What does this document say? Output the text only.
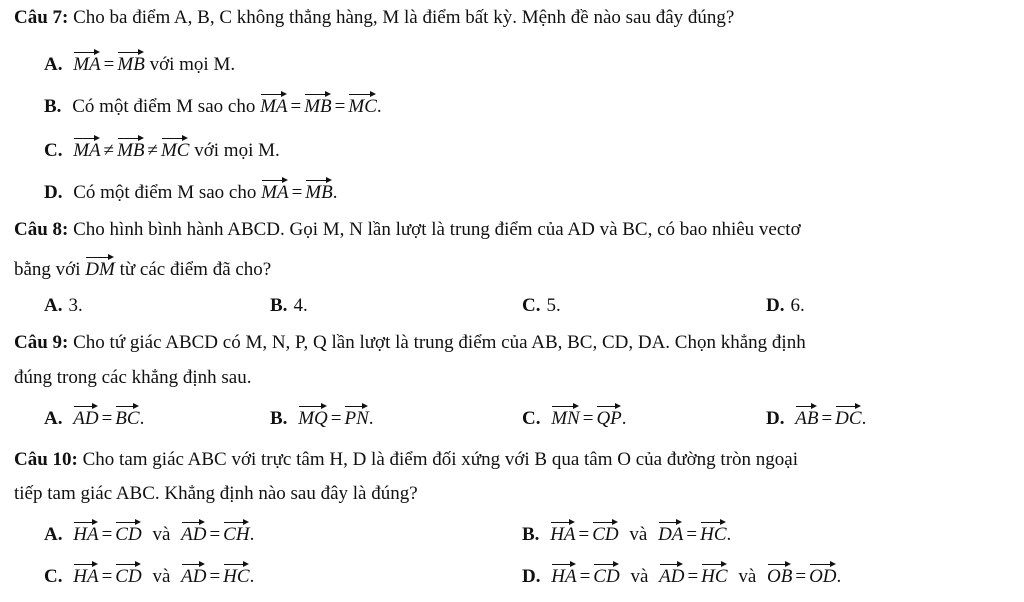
Câu 7: Cho ba điểm A, B, C không thẳng hàng, M là điểm bất kỳ. Mệnh đề nào sau đây đúng?
A. MA = MB với mọi M.
B. Có một điểm M sao cho MA = MB = MC.
C. MA ≠ MB ≠ MC với mọi M.
D. Có một điểm M sao cho MA = MB.
Câu 8: Cho hình bình hành ABCD. Gọi M, N lần lượt là trung điểm của AD và BC, có bao nhiêu vectơ
bằng với DM từ các điểm đã cho?
A. 3.	B. 4.	C. 5.	D. 6.
Câu 9: Cho tứ giác ABCD có M, N, P, Q lần lượt là trung điểm của AB, BC, CD, DA. Chọn khẳng định
đúng trong các khẳng định sau.
A. AD = BC.	B. MQ = PN.	C. MN = QP.	D. AB = DC.
Câu 10: Cho tam giác ABC với trực tâm H, D là điểm đối xứng với B qua tâm O của đường tròn ngoại
tiếp tam giác ABC. Khẳng định nào sau đây là đúng?
A. HA = CD và AD = CH.	B. HA = CD và DA = HC.
C. HA = CD và AD = HC.	D. HA = CD và AD = HC và OB = OD.
